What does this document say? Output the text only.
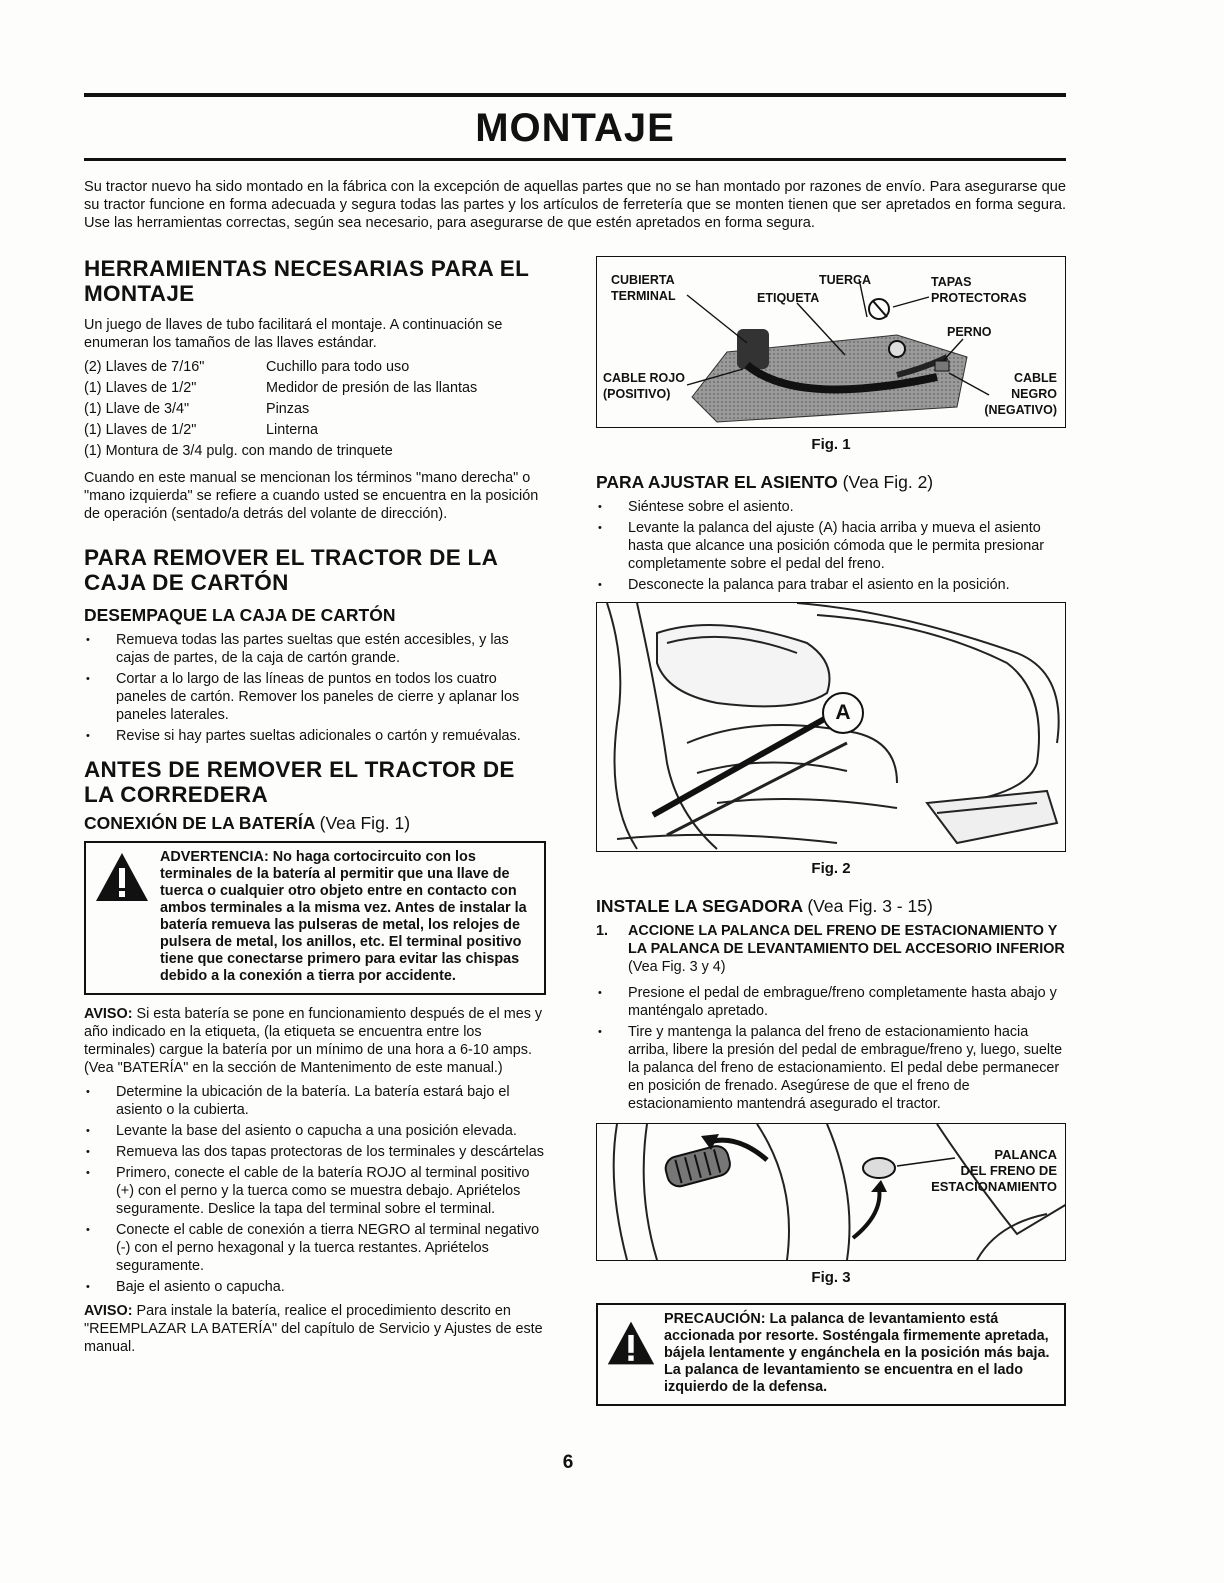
MONTAJE

Su tractor nuevo ha sido montado en la fábrica con la excepción de aquellas partes que no se han montado por razones de envío. Para asegurarse que su tractor funcione en forma adecuada y segura todas las partes y los artículos de ferretería que se monten tienen que ser apretados en forma segura. Use las herramientas correctas, según sea necesario, para asegurarse de que estén apretados en forma segura.

HERRAMIENTAS NECESARIAS PARA EL MONTAJE

Un juego de llaves de tubo facilitará el montaje. A continuación se enumeran los tamaños de las llaves estándar.

(2) Llaves de 7/16"	Cuchillo para todo uso
(1) Llaves de 1/2"	Medidor de presión de las llantas
(1) Llave de 3/4"	Pinzas
(1) Llaves de 1/2"	Linterna
(1) Montura de 3/4 pulg. con mando de trinquete	

Cuando en este manual se mencionan los términos "mano derecha" o "mano izquierda" se refiere a cuando usted se encuentra en la posición de operación (sentado/a detrás del volante de dirección).

PARA REMOVER EL TRACTOR DE LA CAJA DE CARTÓN
DESEMPAQUE LA CAJA DE CARTÓN
• Remueva todas las partes sueltas que estén accesibles, y las cajas de partes, de la caja de cartón grande.
• Cortar a lo largo de las líneas de puntos en todos los cuatro paneles de cartón. Remover los paneles de cierre y aplanar los paneles laterales.
• Revise si hay partes sueltas adicionales o cartón y remuévalas.
ANTES DE REMOVER EL TRACTOR DE LA CORREDERA
CONEXIÓN DE LA BATERÍA (Vea Fig. 1)
ADVERTENCIA: No haga cortocircuito con los terminales de la batería al permitir que una llave de tuerca o cualquier otro objeto entre en contacto con ambos terminales a la misma vez. Antes de instalar la batería remueva las pulseras de metal, los relojes de pulsera de metal, los anillos, etc. El terminal positivo tiene que conectarse primero para evitar las chispas debido a la conexión a tierra por accidente.

AVISO: Si esta batería se pone en funcionamiento después de el mes y año indicado en la etiqueta, (la etiqueta se encuentra entre los terminales) cargue la batería por un mínimo de una hora a 6-10 amps.(Vea "BATERÍA" en la sección de Mantenimento de este manual.)

• Determine la ubicación de la batería. La batería estará bajo el asiento o la cubierta.
• Levante la base del asiento o capucha a una posición elevada.
• Remueva las dos tapas protectoras de los terminales y descártelas
• Primero, conecte el cable de la batería ROJO al terminal positivo (+) con el perno y la tuerca como se muestra debajo. Apriételos seguramente. Deslice la tapa del terminal sobre el terminal.
• Conecte el cable de conexión a tierra NEGRO al terminal negativo (-) con el perno hexagonal y la tuerca restantes. Apriételos seguramente.
• Baje el asiento o capucha.

AVISO: Para instale la batería, realice el procedimiento descrito en "REEMPLAZAR LA BATERÍA" del capítulo de Servicio y Ajustes de este manual.

CUBIERTA
TERMINAL
TUERCA
ETIQUETA
TAPAS
PROTECTORAS
PERNO
CABLE ROJO
(POSITIVO)
CABLE
NEGRO
(NEGATIVO)
Fig. 1
PARA AJUSTAR EL ASIENTO (Vea Fig. 2)
• Siéntese sobre el asiento.
• Levante la palanca del ajuste (A) hacia arriba y mueva el asiento hasta que alcance una posición cómoda que le permita presionar completamente sobre el pedal del freno.
• Desconecte la palanca para trabar el asiento en la posición.
A
Fig. 2
INSTALE LA SEGADORA (Vea Fig. 3 - 15)
1.	ACCIONE LA PALANCA DEL FRENO DE ESTACIONAMIENTO Y LA PALANCA DE LEVANTAMIENTO DEL ACCESORIO INFERIOR (Vea Fig. 3 y 4)
• Presione el pedal de embrague/freno completamente hasta abajo y manténgalo apretado.
• Tire y mantenga la palanca del freno de estacionamiento hacia arriba, libere la presión del pedal de embrague/freno y, luego, suelte la palanca del freno de estacionamiento. El pedal debe permanecer en posición de frenado. Asegúrese de que el freno de estacionamiento mantendrá asegurado el tractor.
PALANCA
DEL FRENO DE
ESTACIONAMIENTO
Fig. 3
PRECAUCIÓN: La palanca de levantamiento está accionada por resorte. Sosténgala firmemente apretada, bájela lentamente y engánchela en la posición más baja. La palanca de levantamiento se encuentra en el lado izquierdo de la defensa.
6
